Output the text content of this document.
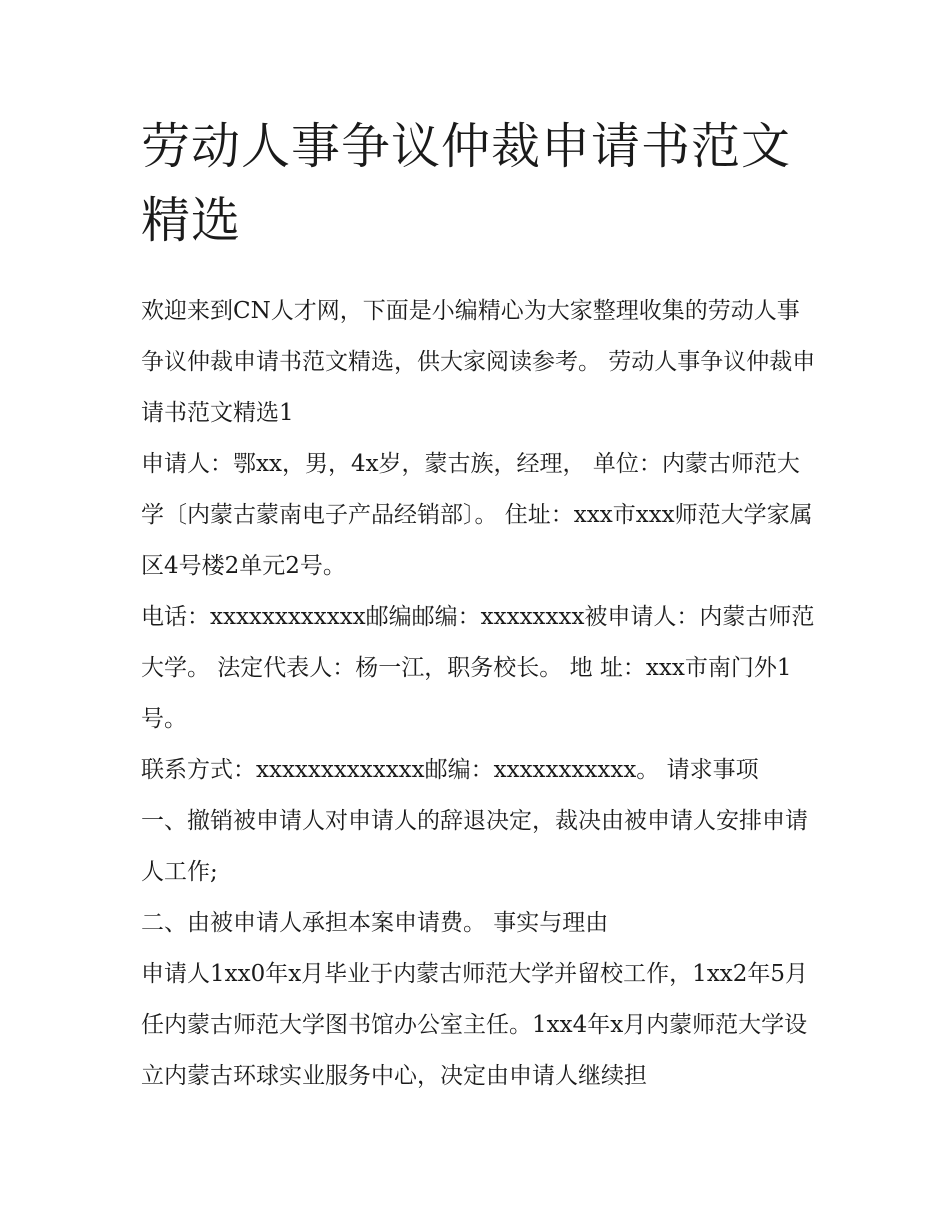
劳动人事争议仲裁申请书范文精选

欢迎来到CN人才网，下面是小编精心为大家整理收集的劳动人事争议仲裁申请书范文精选，供大家阅读参考。 劳动人事争议仲裁申请书范文精选1

申请人：鄂xx，男，4x岁，蒙古族，经理， 单位：内蒙古师范大学〔内蒙古蒙南电子产品经销部〕。 住址：xxx市xxx师范大学家属区4号楼2单元2号。

电话：xxxxxxxxxxxx邮编邮编：xxxxxxxx被申请人：内蒙古师范大学。 法定代表人：杨一江，职务校长。 地 址：xxx市南门外1号。

联系方式：xxxxxxxxxxxxx邮编：xxxxxxxxxxx。 请求事项

一、撤销被申请人对申请人的辞退决定，裁决由被申请人安排申请人工作;

二、由被申请人承担本案申请费。 事实与理由

申请人1xx0年x月毕业于内蒙古师范大学并留校工作，1xx2年5月任内蒙古师范大学图书馆办公室主任。1xx4年x月内蒙师范大学设立内蒙古环球实业服务中心，决定由申请人继续担
